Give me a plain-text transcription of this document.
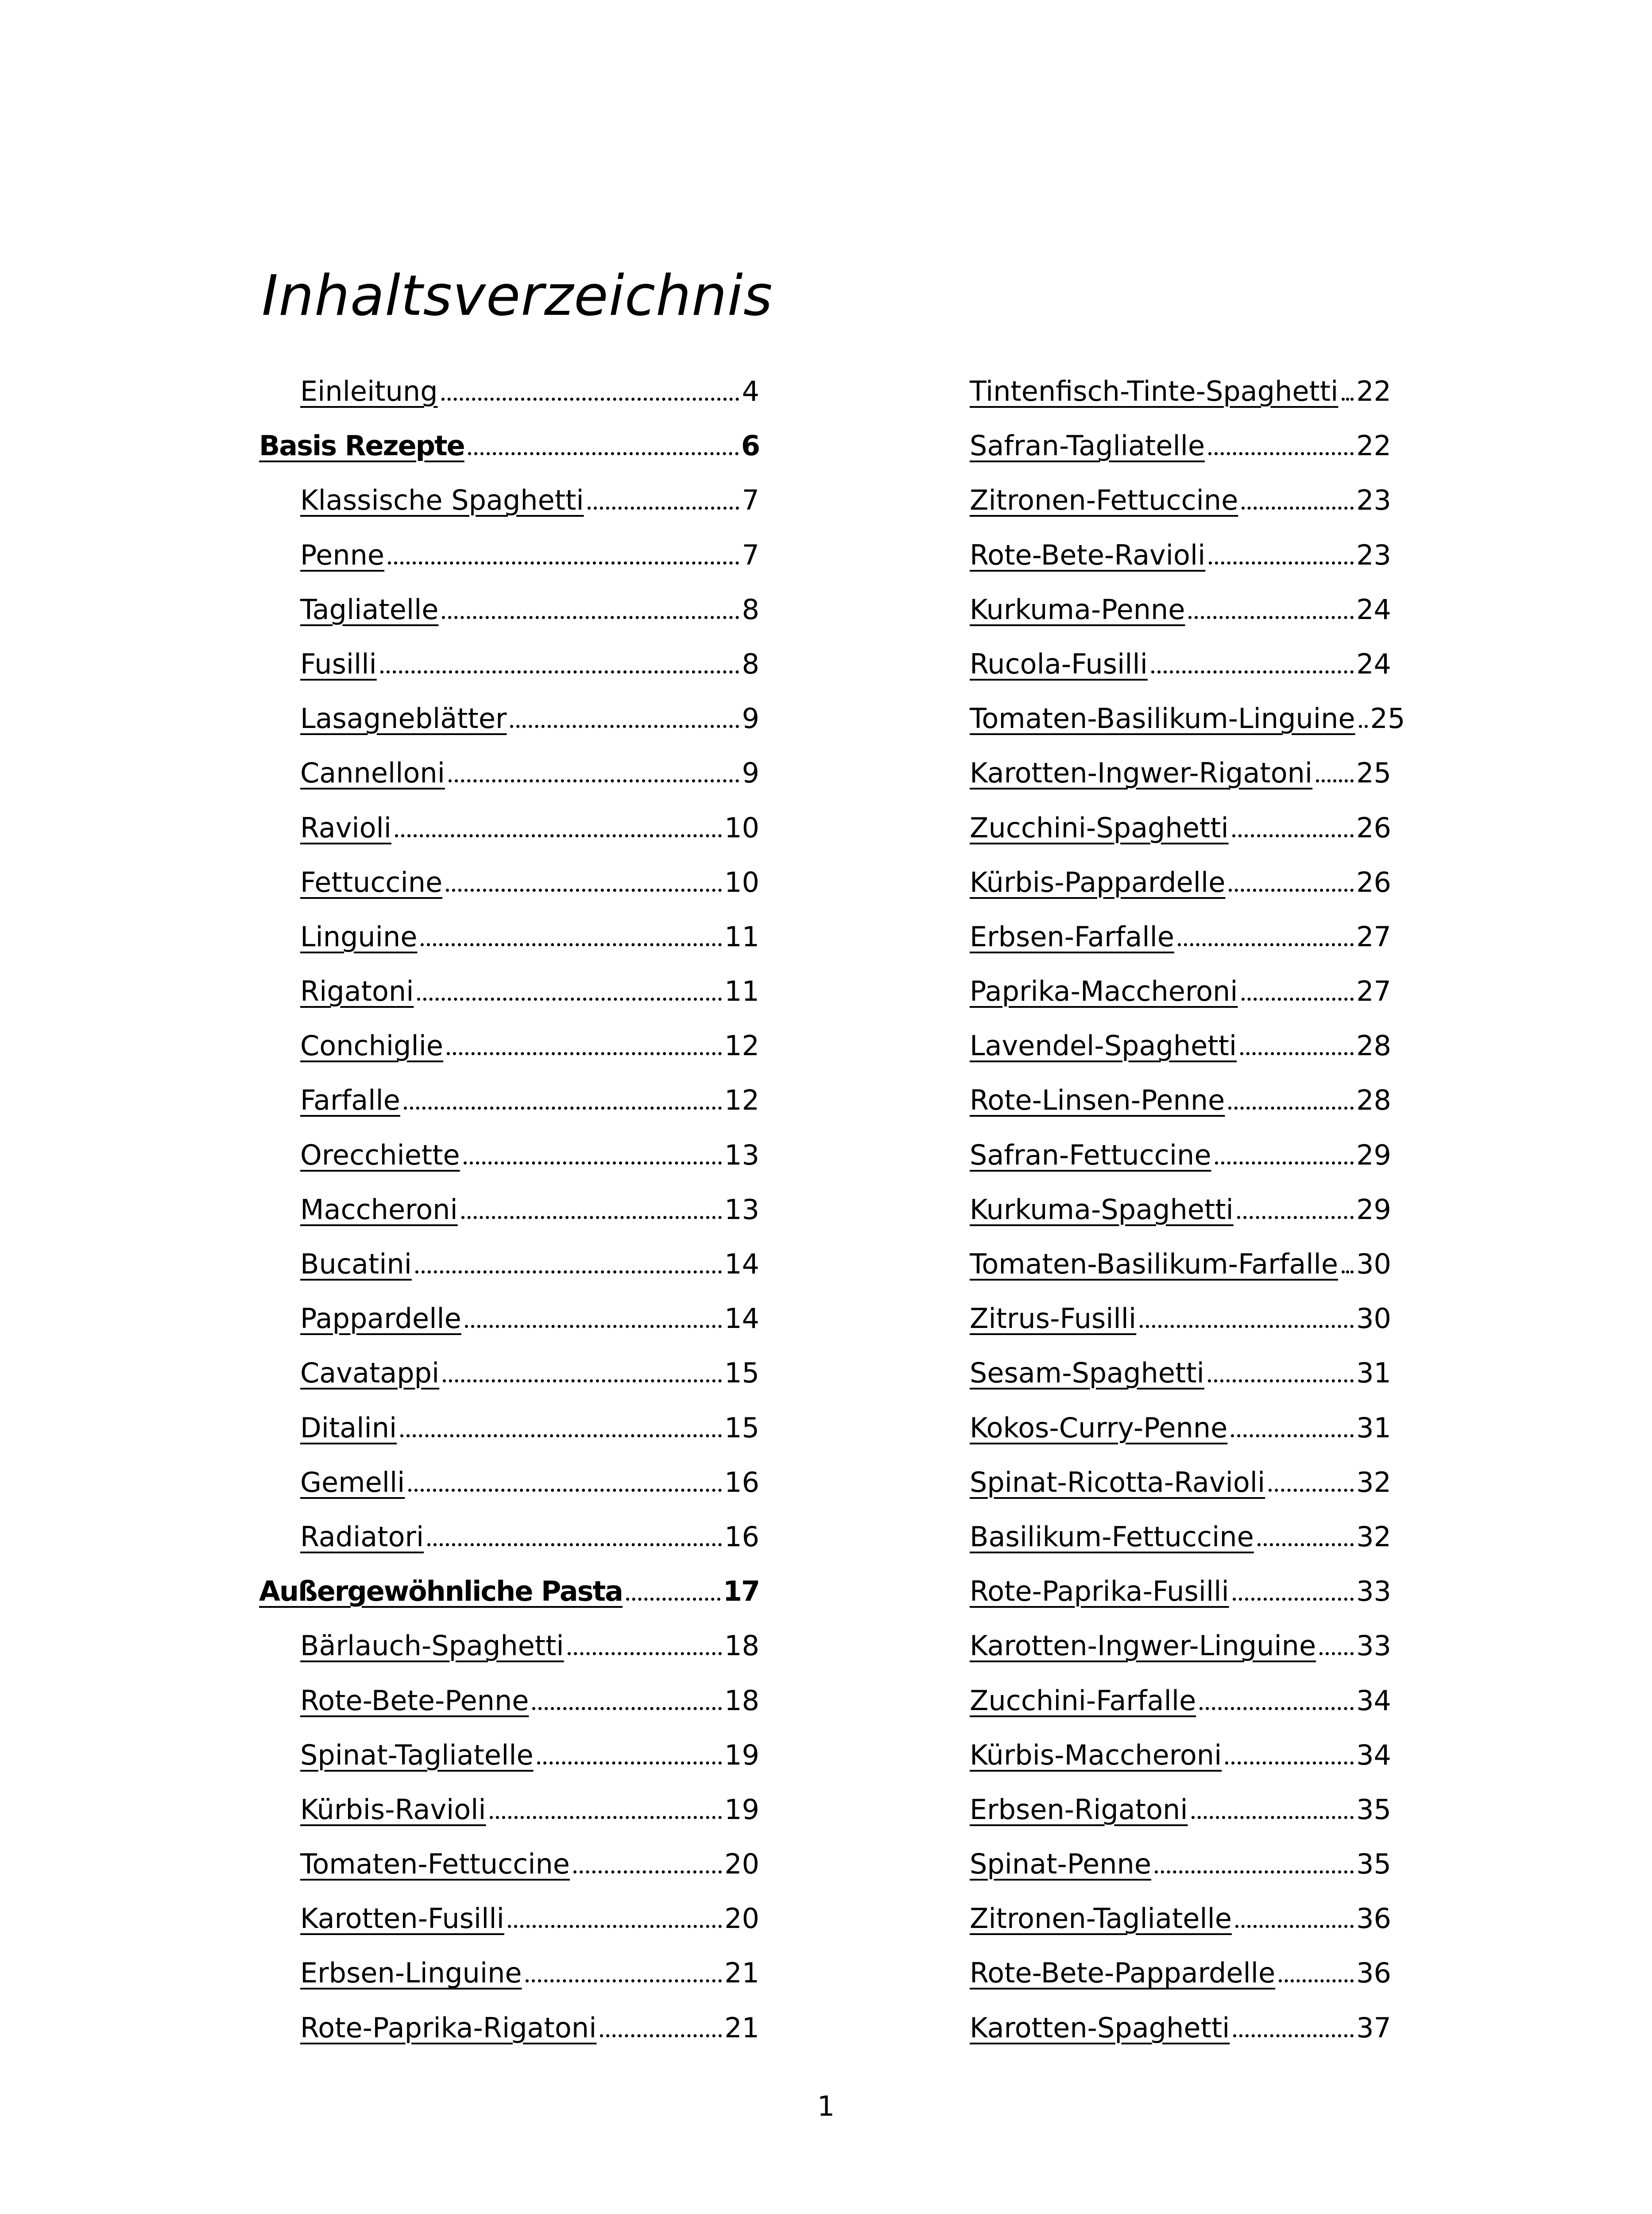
Inhaltsverzeichnis
Einleitung	4
Basis Rezepte	6
Klassische Spaghetti	7
Penne	7
Tagliatelle	8
Fusilli	8
Lasagneblätter	9
Cannelloni	9
Ravioli	10
Fettuccine	10
Linguine	11
Rigatoni	11
Conchiglie	12
Farfalle	12
Orecchiette	13
Maccheroni	13
Bucatini	14
Pappardelle	14
Cavatappi	15
Ditalini	15
Gemelli	16
Radiatori	16
Außergewöhnliche Pasta	17
Bärlauch-Spaghetti	18
Rote-Bete-Penne	18
Spinat-Tagliatelle	19
Kürbis-Ravioli	19
Tomaten-Fettuccine	20
Karotten-Fusilli	20
Erbsen-Linguine	21
Rote-Paprika-Rigatoni	21
Tintenfisch-Tinte-Spaghetti 22
Safran-Tagliatelle	22
Zitronen-Fettuccine	23
Rote-Bete-Ravioli	23
Kurkuma-Penne	24
Rucola-Fusilli	24
Tomaten-Basilikum-Linguine 25
Karotten-Ingwer-Rigatoni 25
Zucchini-Spaghetti	26
Kürbis-Pappardelle	26
Erbsen-Farfalle	27
Paprika-Maccheroni	27
Lavendel-Spaghetti	28
Rote-Linsen-Penne	28
Safran-Fettuccine	29
Kurkuma-Spaghetti	29
Tomaten-Basilikum-Farfalle 30
Zitrus-Fusilli	30
Sesam-Spaghetti	31
Kokos-Curry-Penne	31
Spinat-Ricotta-Ravioli	32
Basilikum-Fettuccine	32
Rote-Paprika-Fusilli	33
Karotten-Ingwer-Linguine 33
Zucchini-Farfalle	34
Kürbis-Maccheroni	34
Erbsen-Rigatoni	35
Spinat-Penne	35
Zitronen-Tagliatelle	36
Rote-Bete-Pappardelle	36
Karotten-Spaghetti	37
1
